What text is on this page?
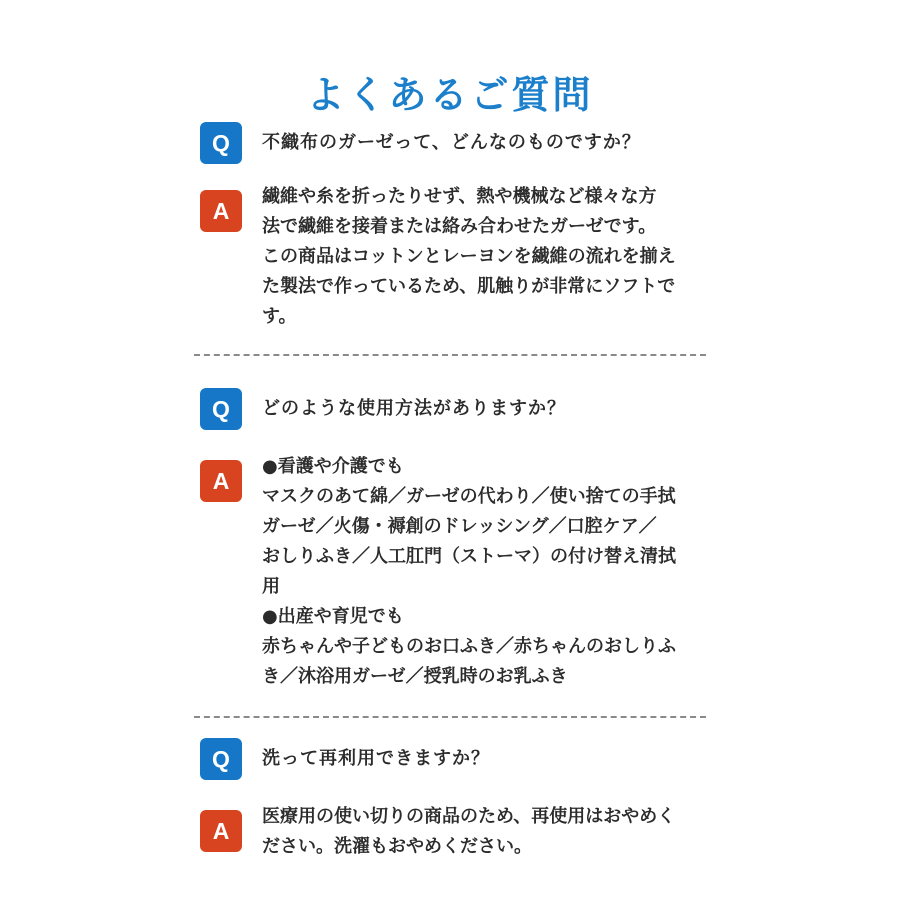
よくあるご質問
Q	不織布のガーゼって、どんなのものですか？
A
繊維や糸を折ったりせず、熱や機械など様々な方
法で繊維を接着または絡み合わせたガーゼです。
この商品はコットンとレーヨンを繊維の流れを揃え
た製法で作っているため、肌触りが非常にソフトで
す。
Q	どのような使用方法がありますか？
A
●看護や介護でも
マスクのあて綿／ガーゼの代わり／使い捨ての手拭
ガーゼ／火傷・褥創のドレッシング／口腔ケア／
おしりふき／人工肛門（ストーマ）の付け替え清拭
用
●出産や育児でも
赤ちゃんや子どものお口ふき／赤ちゃんのおしりふ
き／沐浴用ガーゼ／授乳時のお乳ふき
Q	洗って再利用できますか？
A
医療用の使い切りの商品のため、再使用はおやめく
ださい。洗濯もおやめください。
